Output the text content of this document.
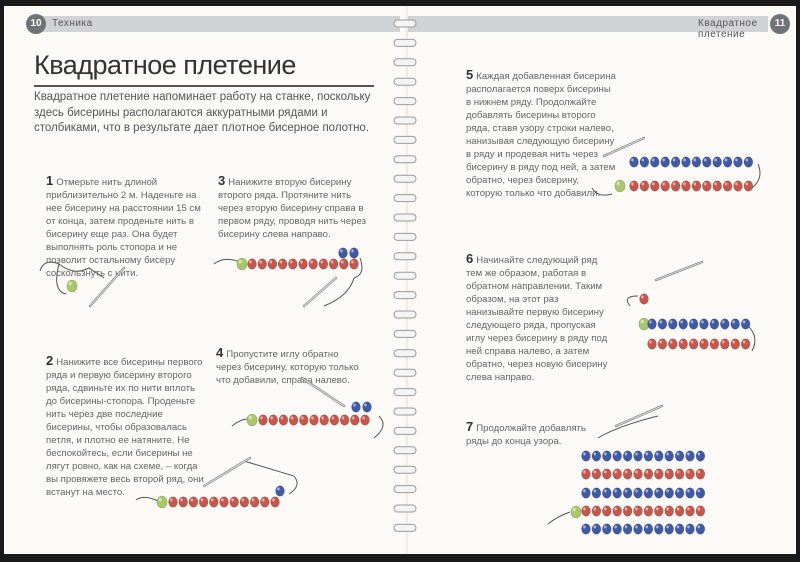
10	Техника
Квадратное плетение
Квадратное плетение напоминает работу на станке, поскольку здесь бисерины располагаются аккуратными рядами и столбиками, что в результате дает плотное бисерное полотно.
1 Отмерьте нить длиной приблизительно 2 м. Наденьте на нее бисерину на расстоянии 15 см от конца, затем проденьте нить в бисерину еще раз. Она будет выполнять роль стопора и не позволит остальному бисеру соскользнуть с нити.
3 Нанижите вторую бисерину второго ряда. Протяните нить через вторую бисерину справа в первом ряду, проводя нить через бисерину слева направо.
2 Нанижите все бисерины первого ряда и первую бисерину второго ряда, сдвиньте их по нити вплоть до бисерины-стопора. Проденьте нить через две последние бисерины, чтобы образовалась петля, и плотно ее натяните. Не беспокойтесь, если бисерины не лягут ровно, как на схеме, – когда вы провяжете весь второй ряд, они встанут на место.
4 Пропустите иглу обратно через бисерину, которую только что добавили, справа налево.
Квадратное плетение
11
5 Каждая добавленная бисерина располагается поверх бисерины в нижнем ряду. Продолжайте добавлять бисерины второго ряда, ставя узору строки налево, нанизывая следующую бисерину в ряду и продевая нить через бисерину в ряду под ней, а затем обратно, через бисерину, которую только что добавили.
6 Начинайте следующий ряд тем же образом, работая в обратном направлении. Таким образом, на этот раз нанизывайте первую бисерину следующего ряда, пропуская иглу через бисерину в ряду под ней справа налево, а затем обратно, через новую бисерину слева направо.
7 Продолжайте добавлять ряды до конца узора.
